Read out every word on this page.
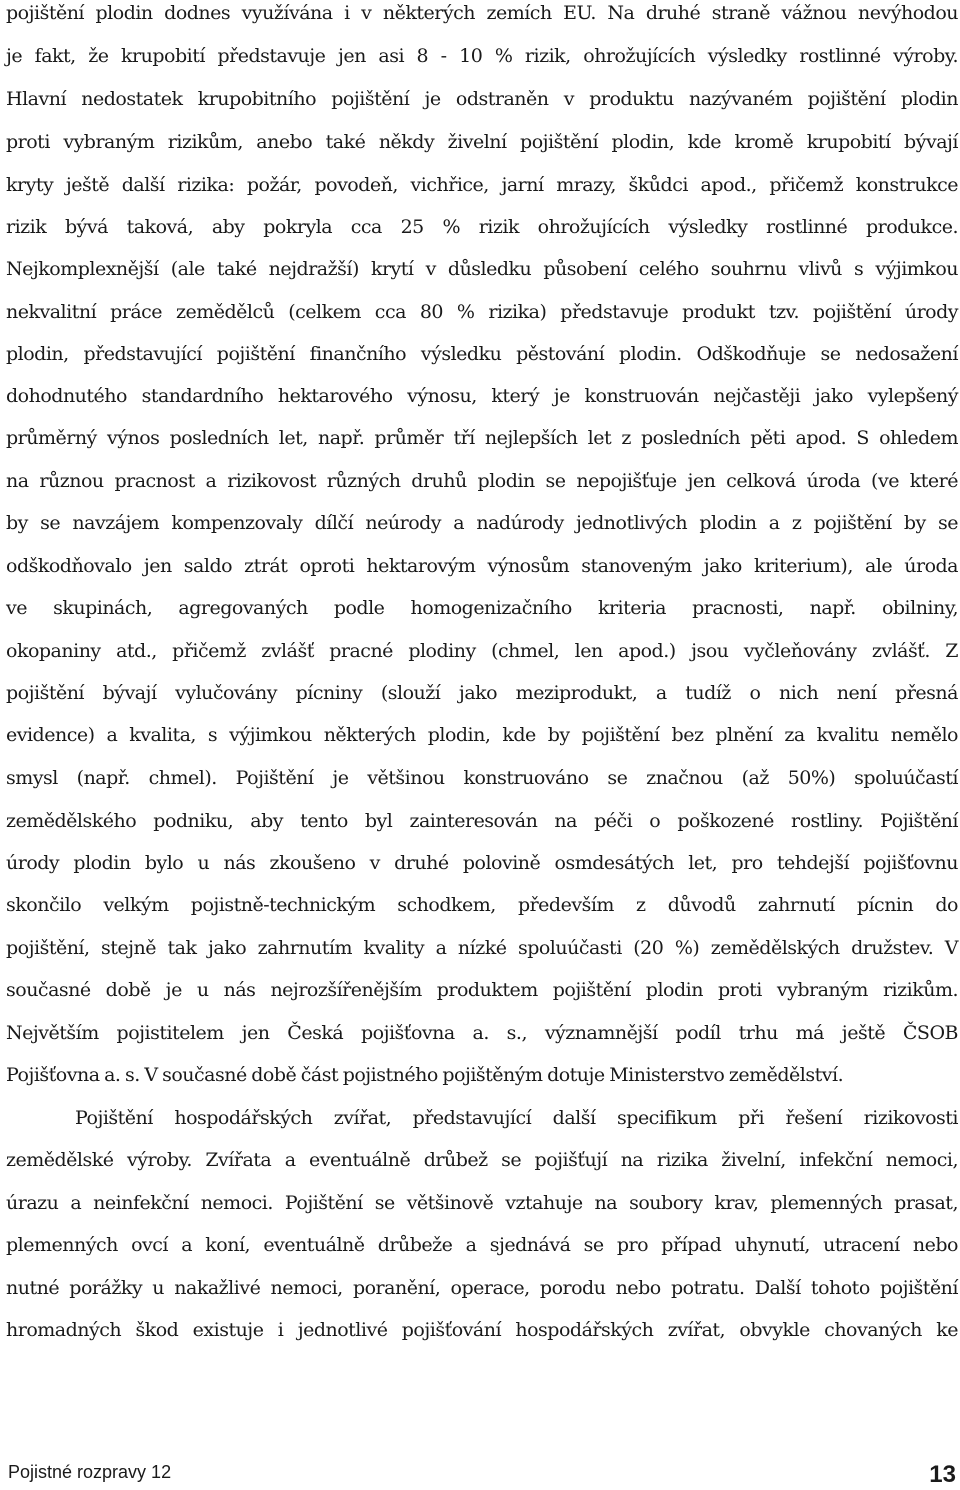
pojištění plodin dodnes využívána i v některých zemích EU. Na druhé straně vážnou nevýhodou
je fakt, že krupobití představuje jen asi 8 - 10 % rizik, ohrožujících výsledky rostlinné výroby.
Hlavní nedostatek krupobitního pojištění je odstraněn v produktu nazývaném pojištění plodin
proti vybraným rizikům, anebo také někdy živelní pojištění plodin, kde kromě krupobití bývají
kryty ještě další rizika: požár, povodeň, vichřice, jarní mrazy, škůdci apod., přičemž konstrukce
rizik bývá taková, aby pokryla cca 25 % rizik ohrožujících výsledky rostlinné produkce.
Nejkomplexnější (ale také nejdražší) krytí v důsledku působení celého souhrnu vlivů s výjimkou
nekvalitní práce zemědělců (celkem cca 80 % rizika) představuje produkt tzv. pojištění úrody
plodin, představující pojištění finančního výsledku pěstování plodin. Odškodňuje se nedosažení
dohodnutého standardního hektarového výnosu, který je konstruován nejčastěji jako vylepšený
průměrný výnos posledních let, např. průměr tří nejlepších let z posledních pěti apod. S ohledem
na různou pracnost a rizikovost různých druhů plodin se nepojišťuje jen celková úroda (ve které
by se navzájem kompenzovaly dílčí neúrody a nadúrody jednotlivých plodin a z pojištění by se
odškodňovalo jen saldo ztrát oproti hektarovým výnosům stanoveným jako kriterium), ale úroda
ve skupinách, agregovaných podle homogenizačního kriteria pracnosti, např. obilniny,
okopaniny atd., přičemž zvlášť pracné plodiny (chmel, len apod.) jsou vyčleňovány zvlášť. Z
pojištění bývají vylučovány pícniny (slouží jako meziprodukt, a tudíž o nich není přesná
evidence) a kvalita, s výjimkou některých plodin, kde by pojištění bez plnění za kvalitu nemělo
smysl (např. chmel). Pojištění je většinou konstruováno se značnou (až 50%) spoluúčastí
zemědělského podniku, aby tento byl zainteresován na péči o poškozené rostliny. Pojištění
úrody plodin bylo u nás zkoušeno v druhé polovině osmdesátých let, pro tehdejší pojišťovnu
skončilo velkým pojistně-technickým schodkem, především z důvodů zahrnutí pícnin do
pojištění, stejně tak jako zahrnutím kvality a nízké spoluúčasti (20 %) zemědělských družstev. V
současné době je u nás nejrozšířenějším produktem pojištění plodin proti vybraným rizikům.
Největším pojistitelem jen Česká pojišťovna a. s., významnější podíl trhu má ještě ČSOB
Pojišťovna a. s. V současné době část pojistného pojištěným dotuje Ministerstvo zemědělství.
Pojištění hospodářských zvířat, představující další specifikum při řešení rizikovosti
zemědělské výroby. Zvířata a eventuálně drůbež se pojišťují na rizika živelní, infekční nemoci,
úrazu a neinfekční nemoci. Pojištění se většinově vztahuje na soubory krav, plemenných prasat,
plemenných ovcí a koní, eventuálně drůbeže a sjednává se pro případ uhynutí, utracení nebo
nutné porážky u nakažlivé nemoci, poranění, operace, porodu nebo potratu. Další tohoto pojištění
hromadných škod existuje i jednotlivé pojišťování hospodářských zvířat, obvykle chovaných ke
Pojistné rozpravy 12	13
